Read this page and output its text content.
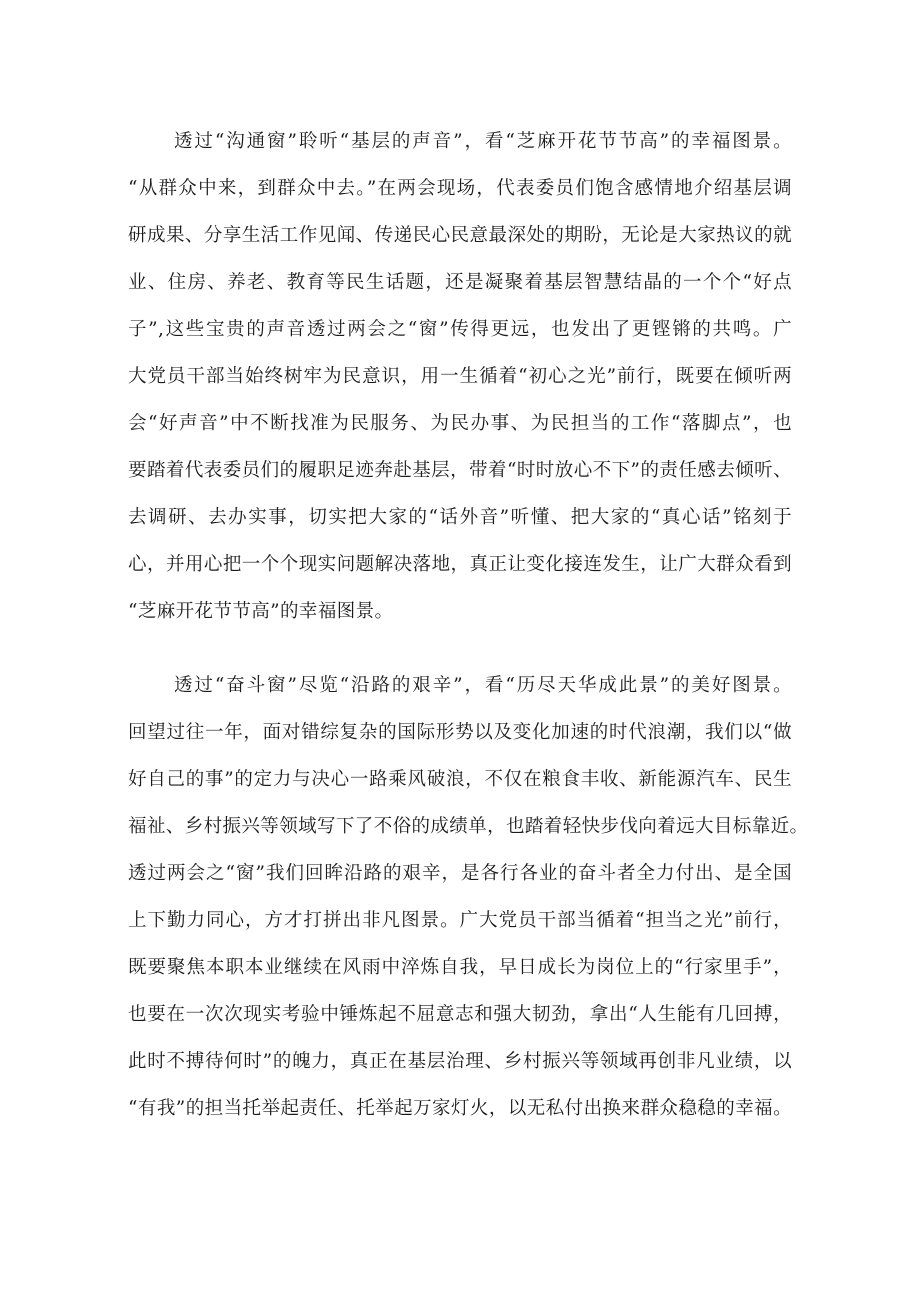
透过“沟通窗”聆听“基层的声音”，看“芝麻开花节节高”的幸福图景。
“从群众中来，到群众中去。”在两会现场，代表委员们饱含感情地介绍基层调
研成果、分享生活工作见闻、传递民心民意最深处的期盼，无论是大家热议的就
业、住房、养老、教育等民生话题，还是凝聚着基层智慧结晶的一个个“好点
子”,这些宝贵的声音透过两会之“窗”传得更远，也发出了更铿锵的共鸣。广
大党员干部当始终树牢为民意识，用一生循着“初心之光”前行，既要在倾听两
会“好声音”中不断找准为民服务、为民办事、为民担当的工作“落脚点”，也
要踏着代表委员们的履职足迹奔赴基层，带着“时时放心不下”的责任感去倾听、
去调研、去办实事，切实把大家的“话外音”听懂、把大家的“真心话”铭刻于
心，并用心把一个个现实问题解决落地，真正让变化接连发生，让广大群众看到
“芝麻开花节节高”的幸福图景。
透过“奋斗窗”尽览“沿路的艰辛”，看“历尽天华成此景”的美好图景。
回望过往一年，面对错综复杂的国际形势以及变化加速的时代浪潮，我们以“做
好自己的事”的定力与决心一路乘风破浪，不仅在粮食丰收、新能源汽车、民生
福祉、乡村振兴等领域写下了不俗的成绩单，也踏着轻快步伐向着远大目标靠近。
透过两会之“窗”我们回眸沿路的艰辛，是各行各业的奋斗者全力付出、是全国
上下勤力同心，方才打拼出非凡图景。广大党员干部当循着“担当之光”前行，
既要聚焦本职本业继续在风雨中淬炼自我，早日成长为岗位上的“行家里手”，
也要在一次次现实考验中锤炼起不屈意志和强大韧劲，拿出“人生能有几回搏，
此时不搏待何时”的魄力，真正在基层治理、乡村振兴等领域再创非凡业绩，以
“有我”的担当托举起责任、托举起万家灯火，以无私付出换来群众稳稳的幸福。
